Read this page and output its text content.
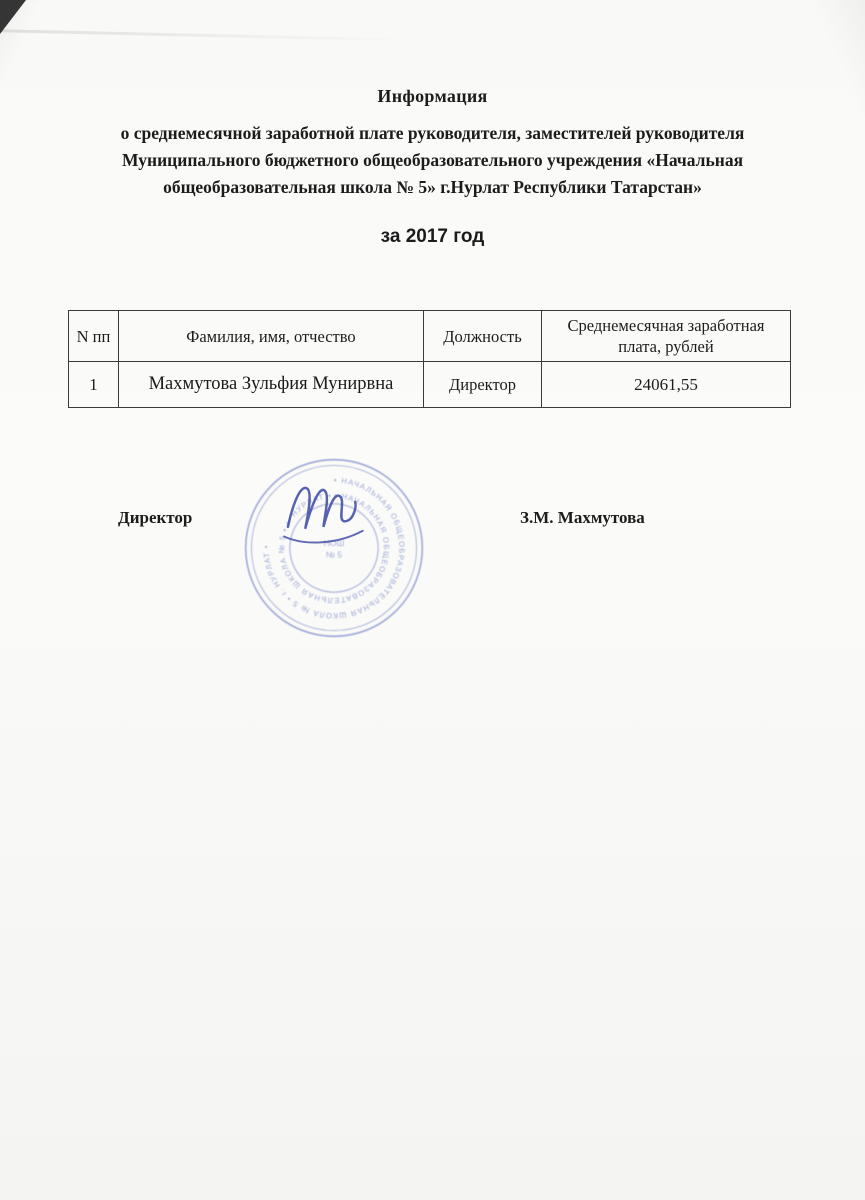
Информация
о среднемесячной заработной плате руководителя, заместителей руководителя Муниципального бюджетного общеобразовательного учреждения «Начальная общеобразовательная школа № 5» г.Нурлат Республики Татарстан»
за 2017 год
N пп	Фамилия, имя, отчество	Должность	Среднемесячная заработная плата, рублей
1	Махмутова Зульфия Мунирвна	Директор	24061,55
Директор	З.М. Махмутова
• НАЧАЛЬНАЯ ОБЩЕОБРАЗОВАТЕЛЬНАЯ ШКОЛА № 5 • г. НУРЛАТ •
• НАЧАЛЬНАЯ ОБЩЕОБРАЗОВАТЕЛЬНАЯ ШКОЛА № 5 • г. НУРЛАТ •
НОШ
№ 5
